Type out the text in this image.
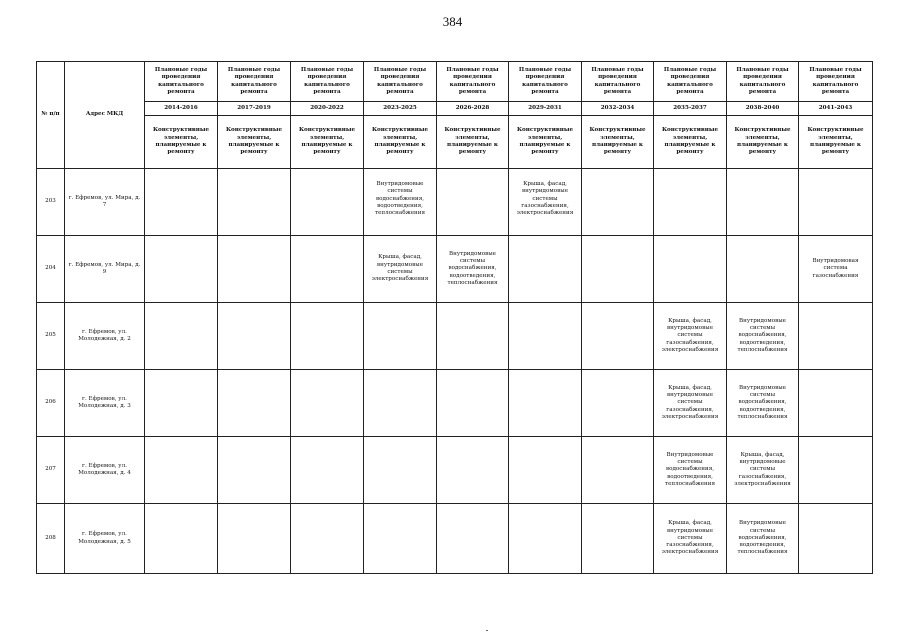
384
№ п/п	Адрес МКД	Плановые годы проведения капитального ремонта	Плановые годы проведения капитального ремонта	Плановые годы проведения капитального ремонта	Плановые годы проведения капитального ремонта	Плановые годы проведения капитального ремонта	Плановые годы проведения капитального ремонта	Плановые годы проведения капитального ремонта	Плановые годы проведения капитального ремонта	Плановые годы проведения капитального ремонта	Плановые годы проведения капитального ремонта
		2014-2016	2017-2019	2020-2022	2023-2025	2026-2028	2029-2031	2032-2034	2035-2037	2038-2040	2041-2043
		Конструктивные элементы, планируемые к ремонту	Конструктивные элементы, планируемые к ремонту	Конструктивные элементы, планируемые к ремонту	Конструктивные элементы, планируемые к ремонту	Конструктивные элементы, планируемые к ремонту	Конструктивные элементы, планируемые к ремонту	Конструктивные элементы, планируемые к ремонту	Конструктивные элементы, планируемые к ремонту	Конструктивные элементы, планируемые к ремонту	Конструктивные элементы, планируемые к ремонту
203	г. Ефремов, ул. Мира, д. 7				Внутридомовые системы водоснабжения, водоотведения, теплоснабжения		Крыша, фасад, внутридомовые системы газоснабжения, электроснабжения				
204	г. Ефремов, ул. Мира, д. 9				Крыша, фасад, внутридомовые системы электроснабжения	Внутридомовые системы водоснабжения, водоотведения, теплоснабжения					Внутридомовая система газоснабжения
205	г. Ефремов, ул. Молодежная, д. 2								Крыша, фасад, внутридомовые системы газоснабжения, электроснабжения	Внутридомовые системы водоснабжения, водоотведения, теплоснабжения	
206	г. Ефремов, ул. Молодежная, д. 3								Крыша, фасад, внутридомовые системы газоснабжения, электроснабжения	Внутридомовые системы водоснабжения, водоотведения, теплоснабжения	
207	г. Ефремов, ул. Молодежная, д. 4								Внутридомовые системы водоснабжения, водоотведения, теплоснабжения	Крыша, фасад, внутридомовые системы газоснабжения, электроснабжения	
208	г. Ефремов, ул. Молодежная, д. 5								Крыша, фасад, внутридомовые системы газоснабжения, электроснабжения	Внутридомовые системы водоснабжения, водоотведения, теплоснабжения	
